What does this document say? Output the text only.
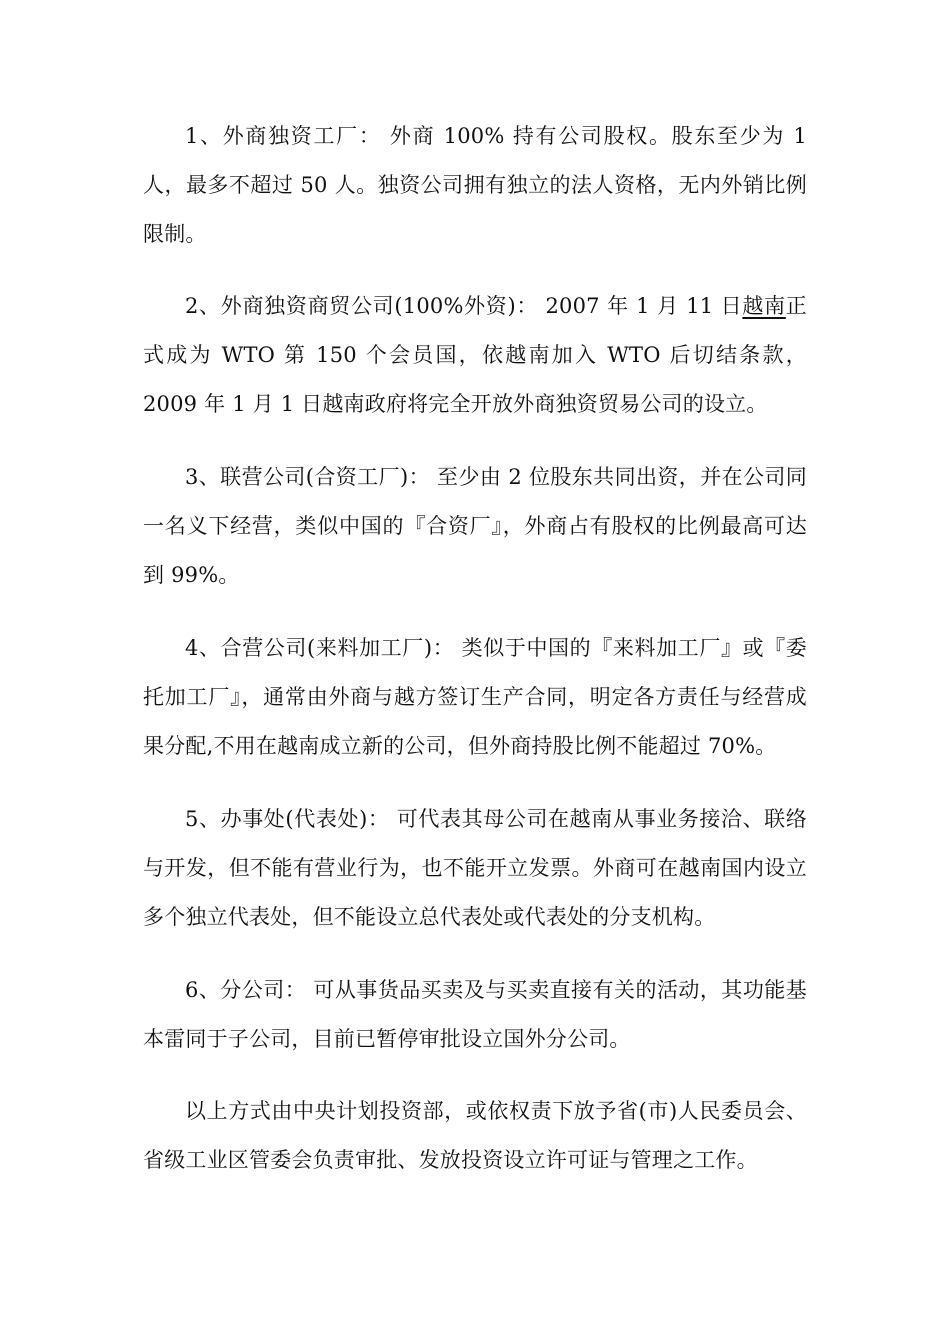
1、外商独资工厂： 外商 100% 持有公司股权。股东至少为 1 人，最多不超过 50 人。独资公司拥有独立的法人资格，无内外销比例限制。

2、外商独资商贸公司(100%外资)： 2007 年 1 月 11 日越南正式成为 WTO 第 150 个会员国，依越南加入 WTO 后切结条款，2009 年 1 月 1 日越南政府将完全开放外商独资贸易公司的设立。

3、联营公司(合资工厂)： 至少由 2 位股东共同出资，并在公司同一名义下经营，类似中国的『合资厂』，外商占有股权的比例最高可达到 99%。

4、合营公司(来料加工厂)： 类似于中国的『来料加工厂』或『委托加工厂』，通常由外商与越方签订生产合同，明定各方责任与经营成果分配,不用在越南成立新的公司，但外商持股比例不能超过 70%。

5、办事处(代表处)： 可代表其母公司在越南从事业务接洽、联络与开发，但不能有营业行为，也不能开立发票。外商可在越南国内设立多个独立代表处，但不能设立总代表处或代表处的分支机构。

6、分公司： 可从事货品买卖及与买卖直接有关的活动，其功能基本雷同于子公司，目前已暂停审批设立国外分公司。

以上方式由中央计划投资部，或依权责下放予省(市)人民委员会、省级工业区管委会负责审批、发放投资设立许可证与管理之工作。
